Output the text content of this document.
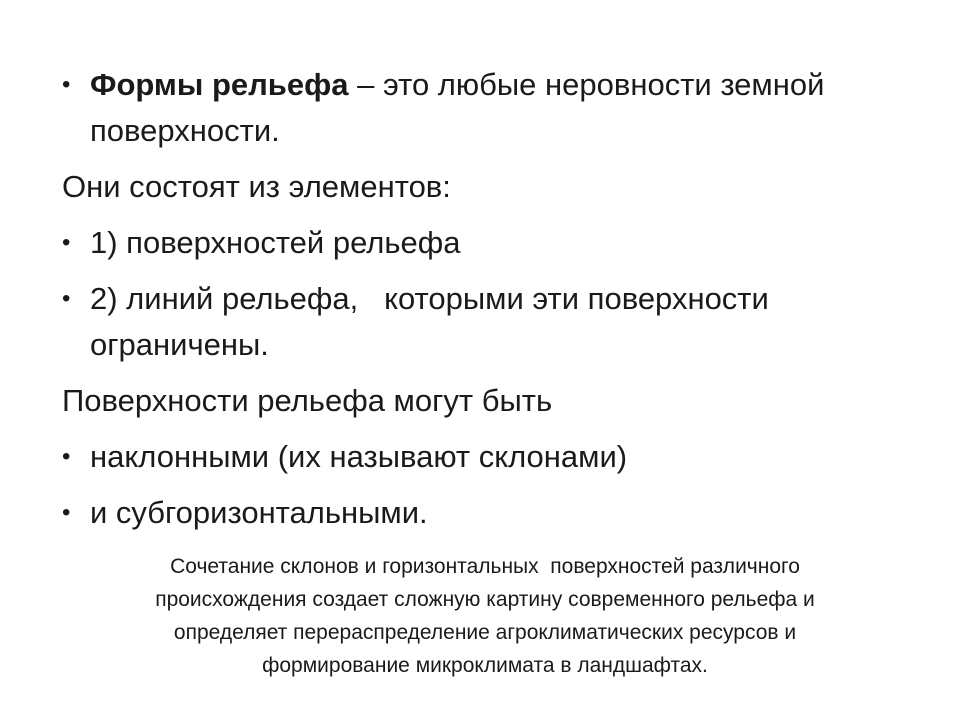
• Формы рельефа – это любые неровности земной поверхности.
Они состоят из элементов:
• 1) поверхностей рельефа
• 2) линий рельефа,   которыми эти поверхности ограничены.
Поверхности рельефа могут быть
• наклонными (их называют склонами)
• и субгоризонтальными.
Сочетание склонов и горизонтальных  поверхностей различного
происхождения создает сложную картину современного рельефа и
определяет перераспределение агроклиматических ресурсов и
формирование микроклимата в ландшафтах.
